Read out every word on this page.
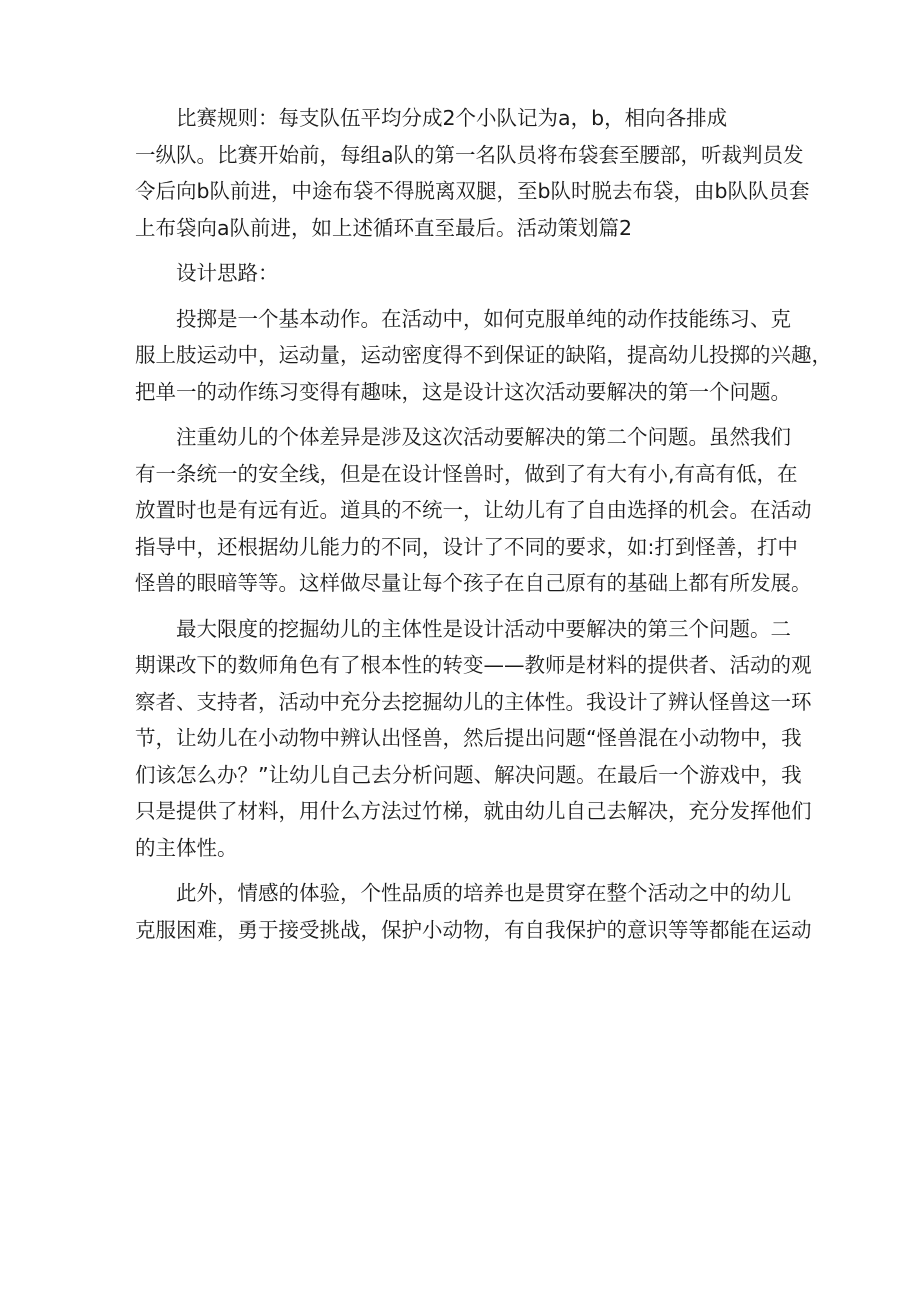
比赛规则：每支队伍平均分成2个小队记为a，b，相向各排成
一纵队。比赛开始前，每组a队的第一名队员将布袋套至腰部，听裁判员发
令后向b队前进，中途布袋不得脱离双腿，至b队时脱去布袋，由b队队员套
上布袋向a队前进，如上述循环直至最后。活动策划篇2

设计思路：

投掷是一个基本动作。在活动中，如何克服单纯的动作技能练习、克
服上肢运动中，运动量，运动密度得不到保证的缺陷，提高幼儿投掷的兴趣，
把单一的动作练习变得有趣味，这是设计这次活动要解决的第一个问题。

注重幼儿的个体差异是涉及这次活动要解决的第二个问题。虽然我们
有一条统一的安全线，但是在设计怪兽时，做到了有大有小,有高有低，在
放置时也是有远有近。道具的不统一，让幼儿有了自由选择的机会。在活动
指导中，还根据幼儿能力的不同，设计了不同的要求，如:打到怪善，打中
怪兽的眼暗等等。这样做尽量让每个孩子在自己原有的基础上都有所发展。

最大限度的挖掘幼儿的主体性是设计活动中要解决的第三个问题。二
期课改下的数师角色有了根本性的转变——教师是材料的提供者、活动的观
察者、支持者，活动中充分去挖掘幼儿的主体性。我设计了辨认怪兽这一环
节，让幼儿在小动物中辨认出怪兽，然后提出问题“怪兽混在小动物中，我
们该怎么办？”让幼儿自己去分析问题、解决问题。在最后一个游戏中，我
只是提供了材料，用什么方法过竹梯，就由幼儿自己去解决，充分发挥他们
的主体性。

此外，情感的体验，个性品质的培养也是贯穿在整个活动之中的幼儿
克服困难，勇于接受挑战，保护小动物，有自我保护的意识等等都能在运动
